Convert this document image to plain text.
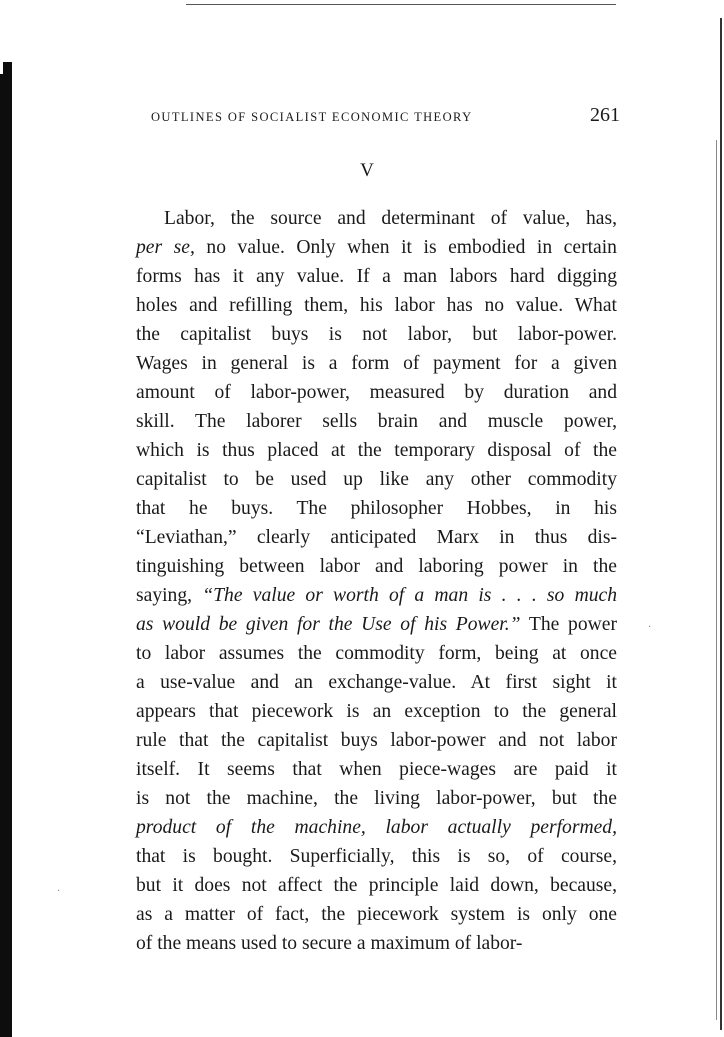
OUTLINES OF SOCIALIST ECONOMIC THEORY	261
V
Labor, the source and determinant of value, has,
per se, no value. Only when it is embodied in certain
forms has it any value. If a man labors hard digging
holes and refilling them, his labor has no value. What
the capitalist buys is not labor, but labor-power.
Wages in general is a form of payment for a given
amount of labor-power, measured by duration and
skill. The laborer sells brain and muscle power,
which is thus placed at the temporary disposal of the
capitalist to be used up like any other commodity
that he buys. The philosopher Hobbes, in his
“Leviathan,” clearly anticipated Marx in thus dis-
tinguishing between labor and laboring power in the
saying, “The value or worth of a man is . . . so much
as would be given for the Use of his Power.” The power
to labor assumes the commodity form, being at once
a use-value and an exchange-value. At first sight it
appears that piecework is an exception to the general
rule that the capitalist buys labor-power and not labor
itself. It seems that when piece-wages are paid it
is not the machine, the living labor-power, but the
product of the machine, labor actually performed,
that is bought. Superficially, this is so, of course,
but it does not affect the principle laid down, because,
as a matter of fact, the piecework system is only one
of the means used to secure a maximum of labor-
·
·
